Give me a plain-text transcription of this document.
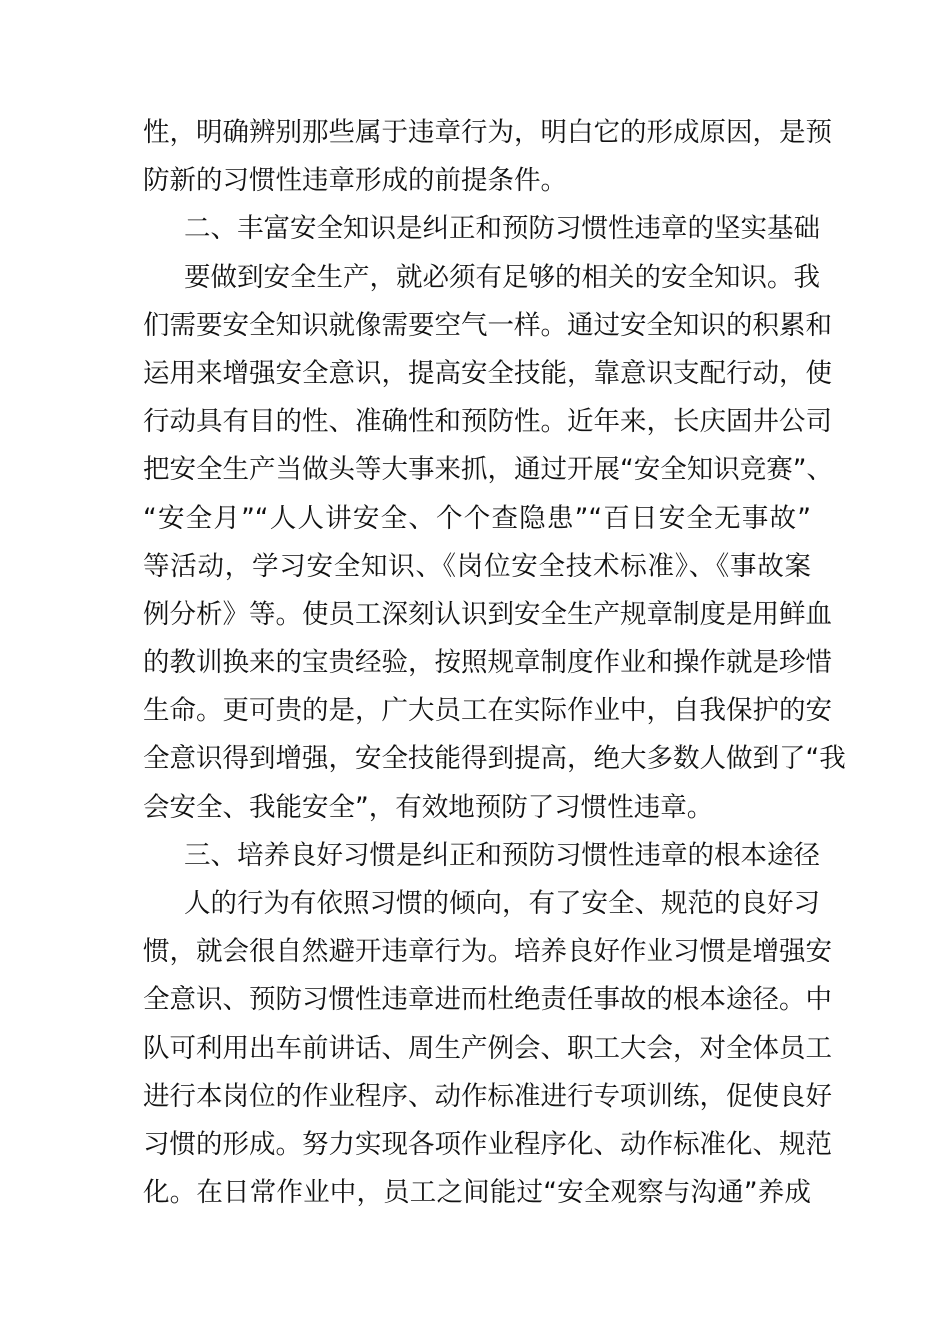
性，明确辨别那些属于违章行为，明白它的形成原因，是预
防新的习惯性违章形成的前提条件。
二、丰富安全知识是纠正和预防习惯性违章的坚实基础
要做到安全生产，就必须有足够的相关的安全知识。我
们需要安全知识就像需要空气一样。通过安全知识的积累和
运用来增强安全意识，提高安全技能，靠意识支配行动，使
行动具有目的性、准确性和预防性。近年来，长庆固井公司
把安全生产当做头等大事来抓，通过开展“安全知识竞赛”、
“安全月”“人人讲安全、个个查隐患”“百日安全无事故”
等活动，学习安全知识、《岗位安全技术标准》、《事故案
例分析》等。使员工深刻认识到安全生产规章制度是用鲜血
的教训换来的宝贵经验，按照规章制度作业和操作就是珍惜
生命。更可贵的是，广大员工在实际作业中，自我保护的安
全意识得到增强，安全技能得到提高，绝大多数人做到了“我
会安全、我能安全”，有效地预防了习惯性违章。
三、培养良好习惯是纠正和预防习惯性违章的根本途径
人的行为有依照习惯的倾向，有了安全、规范的良好习
惯，就会很自然避开违章行为。培养良好作业习惯是增强安
全意识、预防习惯性违章进而杜绝责任事故的根本途径。中
队可利用出车前讲话、周生产例会、职工大会，对全体员工
进行本岗位的作业程序、动作标准进行专项训练，促使良好
习惯的形成。努力实现各项作业程序化、动作标准化、规范
化。在日常作业中，员工之间能过“安全观察与沟通”养成
